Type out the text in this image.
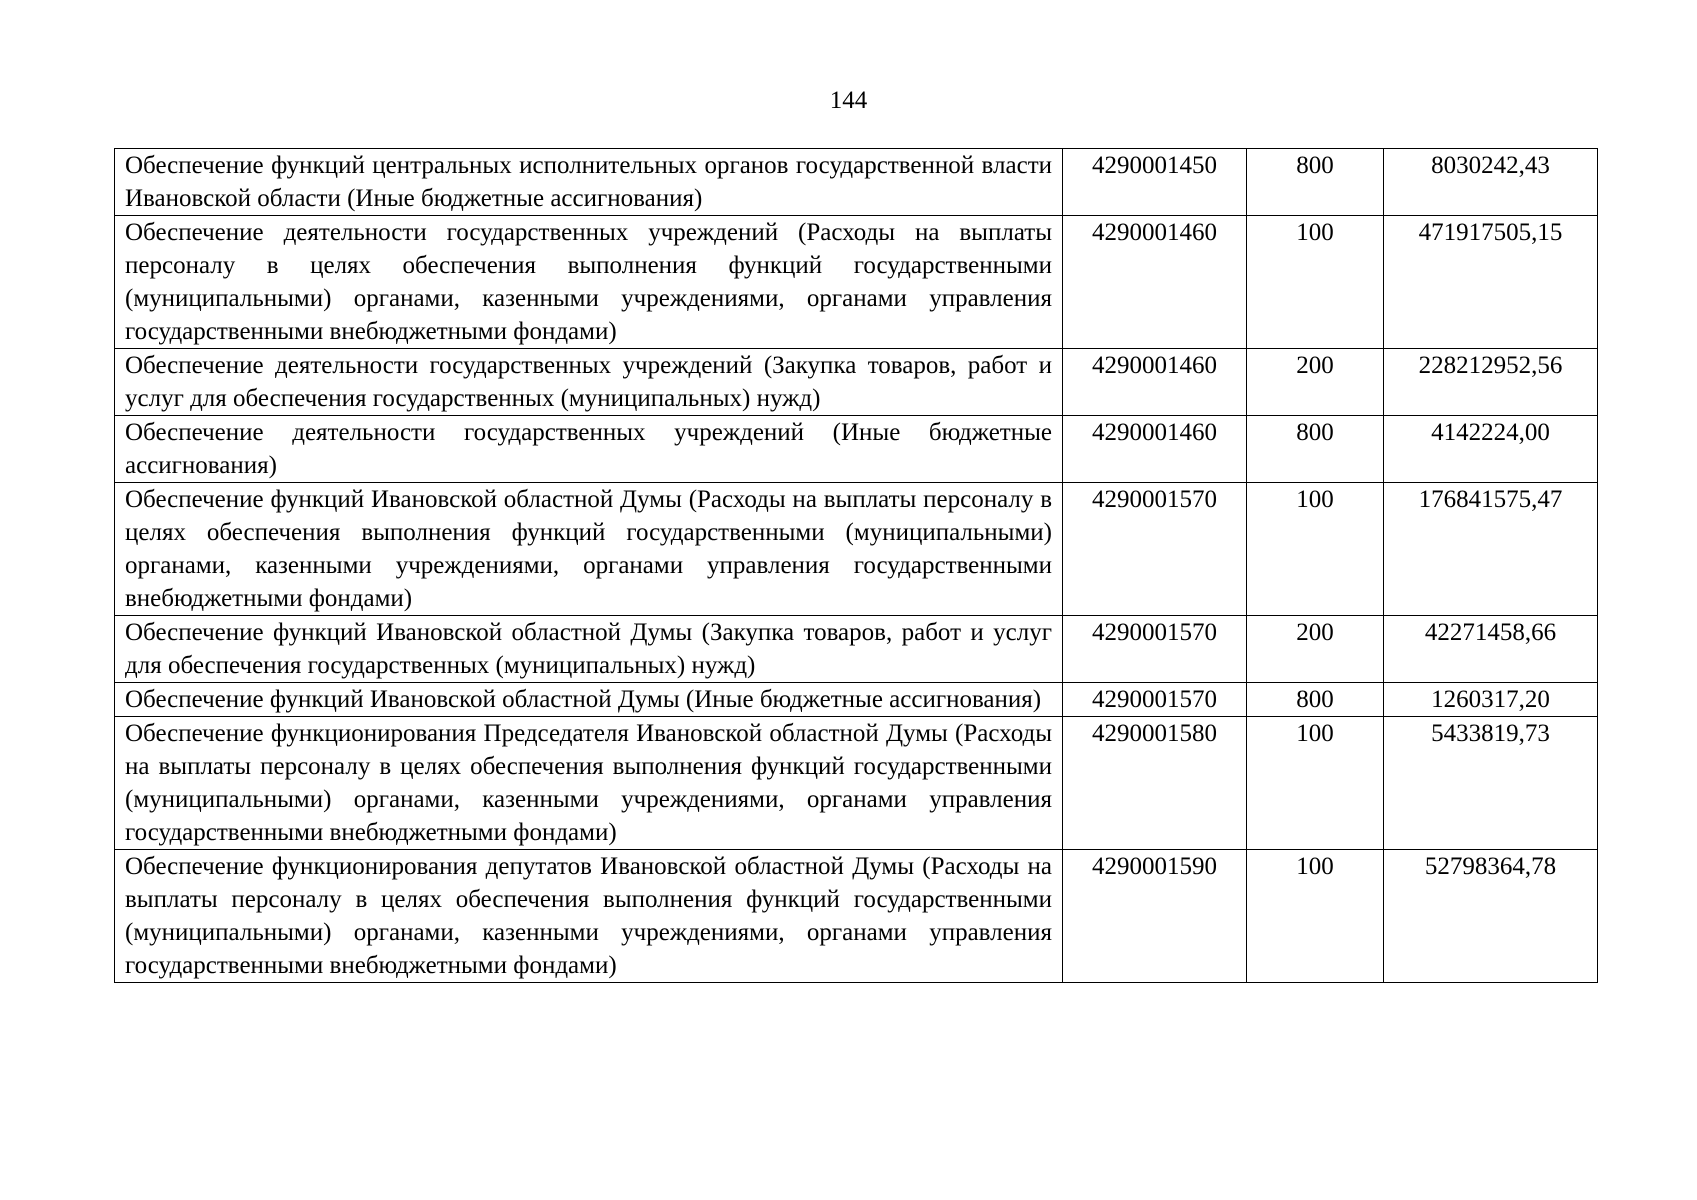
144
Обеспечение функций центральных исполнительных органов государственной власти Ивановской области (Иные бюджетные ассигнования)	4290001450	800	8030242,43
Обеспечение деятельности государственных учреждений (Расходы на выплаты персоналу в целях обеспечения выполнения функций государственными (муниципальными) органами, казенными учреждениями, органами управления государственными внебюджетными фондами)	4290001460	100	471917505,15
Обеспечение деятельности государственных учреждений (Закупка товаров, работ и услуг для обеспечения государственных (муниципальных) нужд)	4290001460	200	228212952,56
Обеспечение деятельности государственных учреждений (Иные бюджетные ассигнования)	4290001460	800	4142224,00
Обеспечение функций Ивановской областной Думы (Расходы на выплаты персоналу в целях обеспечения выполнения функций государственными (муниципальными) органами, казенными учреждениями, органами управления государственными внебюджетными фондами)	4290001570	100	176841575,47
Обеспечение функций Ивановской областной Думы (Закупка товаров, работ и услуг для обеспечения государственных (муниципальных) нужд)	4290001570	200	42271458,66
Обеспечение функций Ивановской областной Думы (Иные бюджетные ассигнования)	4290001570	800	1260317,20
Обеспечение функционирования Председателя Ивановской областной Думы (Расходы на выплаты персоналу в целях обеспечения выполнения функций государственными (муниципальными) органами, казенными учреждениями, органами управления государственными внебюджетными фондами)	4290001580	100	5433819,73
Обеспечение функционирования депутатов Ивановской областной Думы (Расходы на выплаты персоналу в целях обеспечения выполнения функций государственными (муниципальными) органами, казенными учреждениями, органами управления государственными внебюджетными фондами)	4290001590	100	52798364,78
